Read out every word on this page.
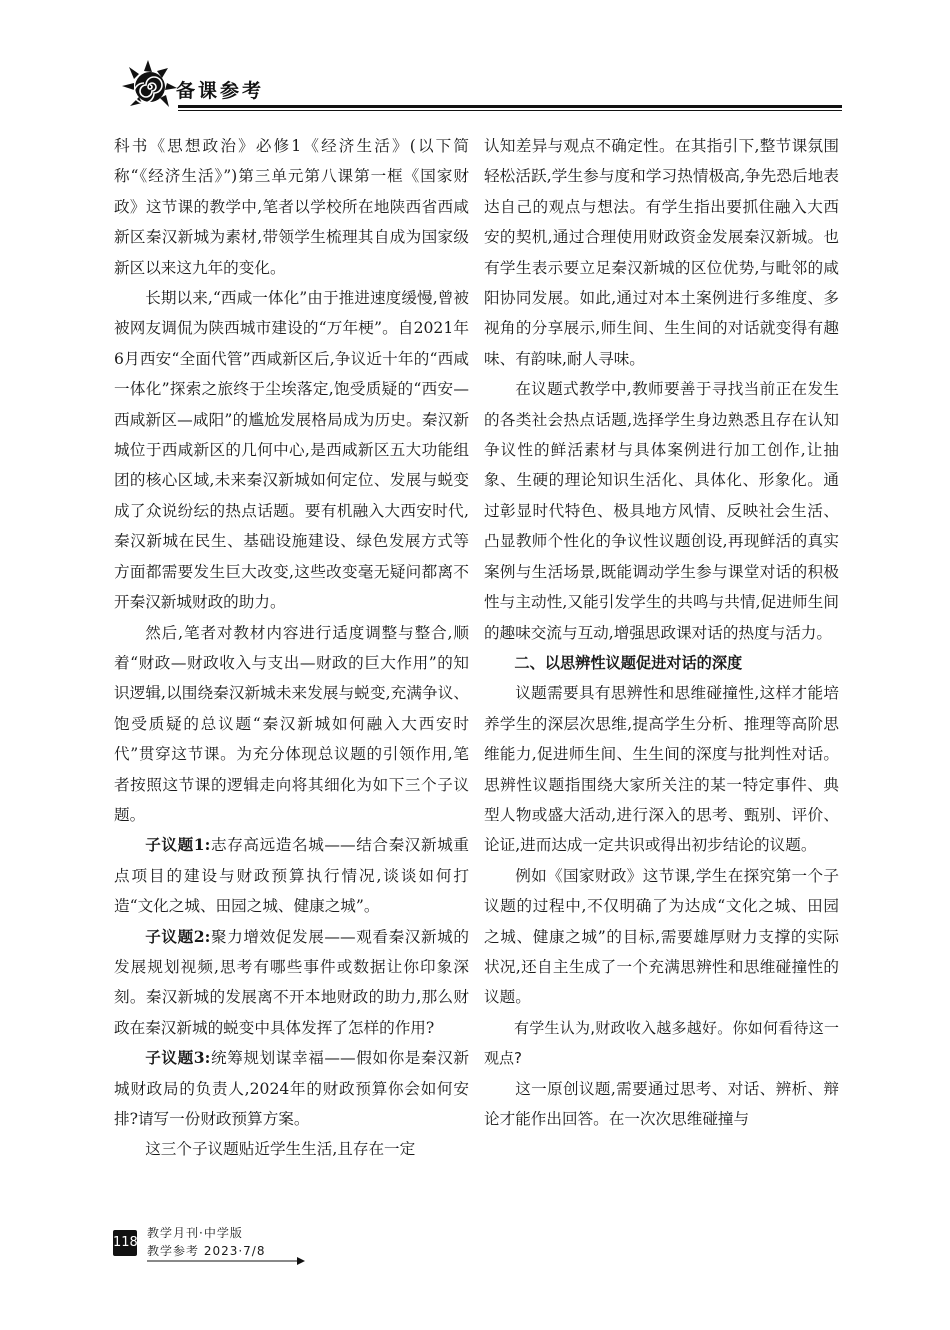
备课参考

科书《思想政治》必修1《经济生活》(以下简称“《经济生活》”)第三单元第八课第一框《国家财政》这节课的教学中,笔者以学校所在地陕西省西咸新区秦汉新城为素材,带领学生梳理其自成为国家级新区以来这九年的变化。

长期以来,“西咸一体化”由于推进速度缓慢,曾被被网友调侃为陕西城市建设的“万年梗”。自2021年6月西安“全面代管”西咸新区后,争议近十年的“西咸一体化”探索之旅终于尘埃落定,饱受质疑的“西安—西咸新区—咸阳”的尴尬发展格局成为历史。秦汉新城位于西咸新区的几何中心,是西咸新区五大功能组团的核心区域,未来秦汉新城如何定位、发展与蜕变成了众说纷纭的热点话题。要有机融入大西安时代,秦汉新城在民生、基础设施建设、绿色发展方式等方面都需要发生巨大改变,这些改变毫无疑问都离不开秦汉新城财政的助力。

然后,笔者对教材内容进行适度调整与整合,顺着“财政—财政收入与支出—财政的巨大作用”的知识逻辑,以围绕秦汉新城未来发展与蜕变,充满争议、饱受质疑的总议题“秦汉新城如何融入大西安时代”贯穿这节课。为充分体现总议题的引领作用,笔者按照这节课的逻辑走向将其细化为如下三个子议题。

子议题1:志存高远造名城——结合秦汉新城重点项目的建设与财政预算执行情况,谈谈如何打造“文化之城、田园之城、健康之城”。

子议题2:聚力增效促发展——观看秦汉新城的发展规划视频,思考有哪些事件或数据让你印象深刻。秦汉新城的发展离不开本地财政的助力,那么财政在秦汉新城的蜕变中具体发挥了怎样的作用?

子议题3:统筹规划谋幸福——假如你是秦汉新城财政局的负责人,2024年的财政预算你会如何安排?请写一份财政预算方案。

这三个子议题贴近学生生活,且存在一定

认知差异与观点不确定性。在其指引下,整节课氛围轻松活跃,学生参与度和学习热情极高,争先恐后地表达自己的观点与想法。有学生指出要抓住融入大西安的契机,通过合理使用财政资金发展秦汉新城。也有学生表示要立足秦汉新城的区位优势,与毗邻的咸阳协同发展。如此,通过对本土案例进行多维度、多视角的分享展示,师生间、生生间的对话就变得有趣味、有韵味,耐人寻味。

在议题式教学中,教师要善于寻找当前正在发生的各类社会热点话题,选择学生身边熟悉且存在认知争议性的鲜活素材与具体案例进行加工创作,让抽象、生硬的理论知识生活化、具体化、形象化。通过彰显时代特色、极具地方风情、反映社会生活、凸显教师个性化的争议性议题创设,再现鲜活的真实案例与生活场景,既能调动学生参与课堂对话的积极性与主动性,又能引发学生的共鸣与共情,促进师生间的趣味交流与互动,增强思政课对话的热度与活力。

二、以思辨性议题促进对话的深度

议题需要具有思辨性和思维碰撞性,这样才能培养学生的深层次思维,提高学生分析、推理等高阶思维能力,促进师生间、生生间的深度与批判性对话。思辨性议题指围绕大家所关注的某一特定事件、典型人物或盛大活动,进行深入的思考、甄别、评价、论证,进而达成一定共识或得出初步结论的议题。

例如《国家财政》这节课,学生在探究第一个子议题的过程中,不仅明确了为达成“文化之城、田园之城、健康之城”的目标,需要雄厚财力支撑的实际状况,还自主生成了一个充满思辨性和思维碰撞性的议题。

有学生认为,财政收入越多越好。你如何看待这一观点?

这一原创议题,需要通过思考、对话、辨析、辩论才能作出回答。在一次次思维碰撞与

118
教学月刊·中学版
教学参考 2023·7/8
